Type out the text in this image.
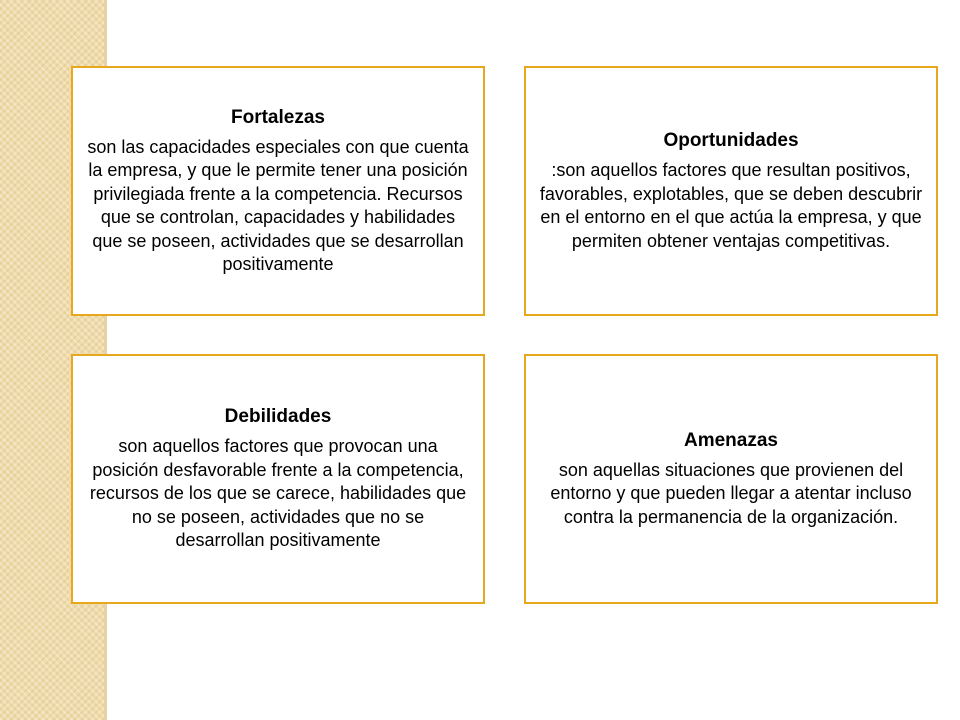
Fortalezas
son las capacidades especiales con que cuenta la empresa, y que le permite tener una posición privilegiada frente a la competencia. Recursos que se controlan, capacidades y habilidades que se poseen, actividades que se desarrollan positivamente
Oportunidades
:son aquellos factores que resultan positivos, favorables, explotables, que se deben descubrir en el entorno en el que actúa la empresa, y que permiten obtener ventajas competitivas.
Debilidades
son aquellos factores que provocan una posición desfavorable frente a la competencia, recursos de los que se carece, habilidades que no se poseen, actividades que no se desarrollan positivamente
Amenazas
son aquellas situaciones que provienen del entorno y que pueden llegar a atentar incluso contra la permanencia de la organización.
